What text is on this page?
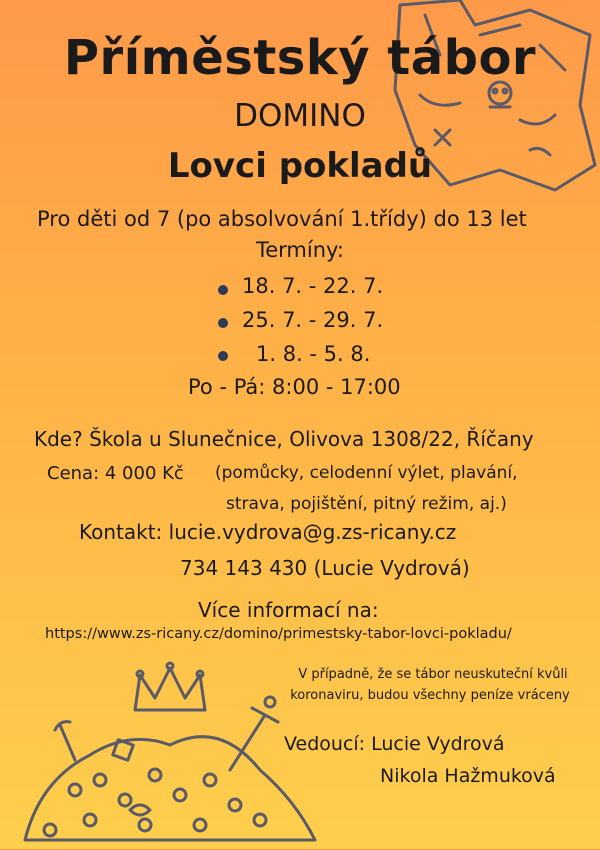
Příměstský tábor
DOMINO
Lovci pokladů
Pro děti od 7 (po absolvování 1.třídy) do 13 let
Termíny:
18. 7. - 22. 7.
25. 7. - 29. 7.
1. 8. - 5. 8.
Po - Pá: 8:00 - 17:00
Kde? Škola u Slunečnice, Olivova 1308/22, Říčany
Cena: 4 000 Kč (pomůcky, celodenní výlet, plavání,
strava, pojištění, pitný režim, aj.)
Kontakt: lucie.vydrova@g.zs-ricany.cz
734 143 430 (Lucie Vydrová)
Více informací na:
https://www.zs-ricany.cz/domino/primestsky-tabor-lovci-pokladu/
V případně, že se tábor neuskuteční kvůli
koronaviru, budou všechny peníze vráceny
Vedoucí: Lucie Vydrová
Nikola Hažmuková
